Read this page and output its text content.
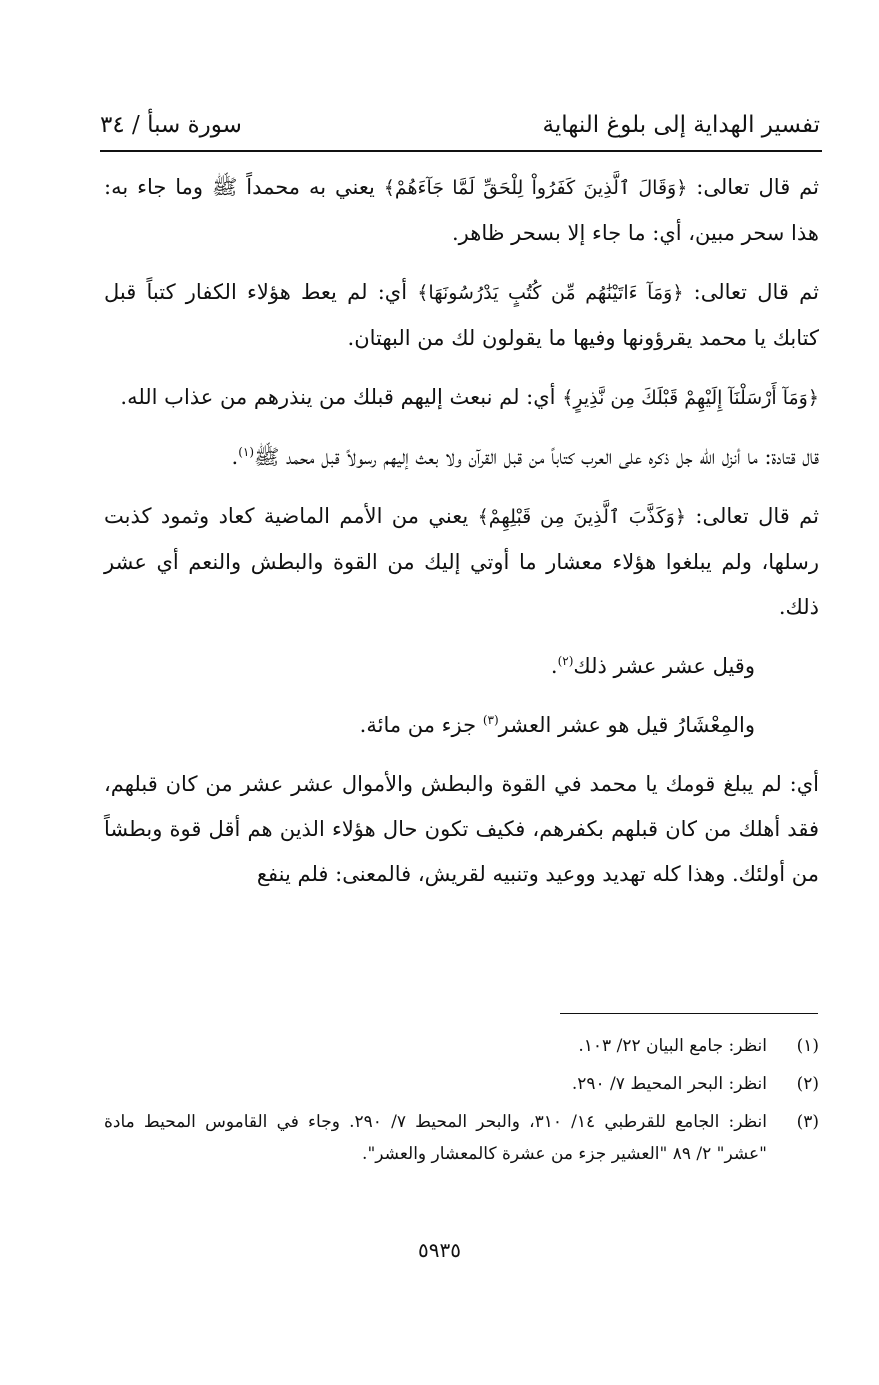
تفسير الهداية إلى بلوغ النهاية
سورة سبأ / ٣٤

ثم قال تعالى: ﴿وَقَالَ ٱلَّذِينَ كَفَرُواْ لِلْحَقِّ لَمَّا جَآءَهُمْ﴾ يعني به محمداً ﷺ وما جاء به: هذا سحر مبين، أي: ما جاء إلا بسحر ظاهر.

ثم قال تعالى: ﴿وَمَآ ءَاتَيْنَٰهُم مِّن كُتُبٍ يَدْرُسُونَهَا﴾ أي: لم يعط هؤلاء الكفار كتباً قبل كتابك يا محمد يقرؤونها وفيها ما يقولون لك من البهتان.

﴿وَمَآ أَرْسَلْنَآ إِلَيْهِمْ قَبْلَكَ مِن نَّذِيرٍ﴾ أي: لم نبعث إليهم قبلك من ينذرهم من عذاب الله.

قال قتادة: ما أنزل الله جل ذكره على العرب كتاباً من قبل القرآن ولا بعث إليهم رسولاً قبل محمد ﷺ$^{(١)}$.

ثم قال تعالى: ﴿وَكَذَّبَ ٱلَّذِينَ مِن قَبْلِهِمْ﴾ يعني من الأمم الماضية كعاد وثمود كذبت رسلها، ولم يبلغوا هؤلاء معشار ما أوتي إليك من القوة والبطش والنعم أي عشر ذلك.

وقيل عشر عشر ذلك$^{(٢)}$.

والمِعْشَارُ قيل هو عشر العشر$^{(٣)}$ جزء من مائة.

أي: لم يبلغ قومك يا محمد في القوة والبطش والأموال عشر عشر من كان قبلهم، فقد أهلك من كان قبلهم بكفرهم، فكيف تكون حال هؤلاء الذين هم أقل قوة وبطشاً من أولئك. وهذا كله تهديد ووعيد وتنبيه لقريش، فالمعنى: فلم ينفع

(١)
انظر: جامع البيان ٢٢/ ١٠٣.
(٢)
انظر: البحر المحيط ٧/ ٢٩٠.
(٣)
انظر: الجامع للقرطبي ١٤/ ٣١٠، والبحر المحيط ٧/ ٢٩٠. وجاء في القاموس المحيط مادة "عشر" ٢/ ٨٩ "العشير جزء من عشرة كالمعشار والعشر".
٥٩٣٥
